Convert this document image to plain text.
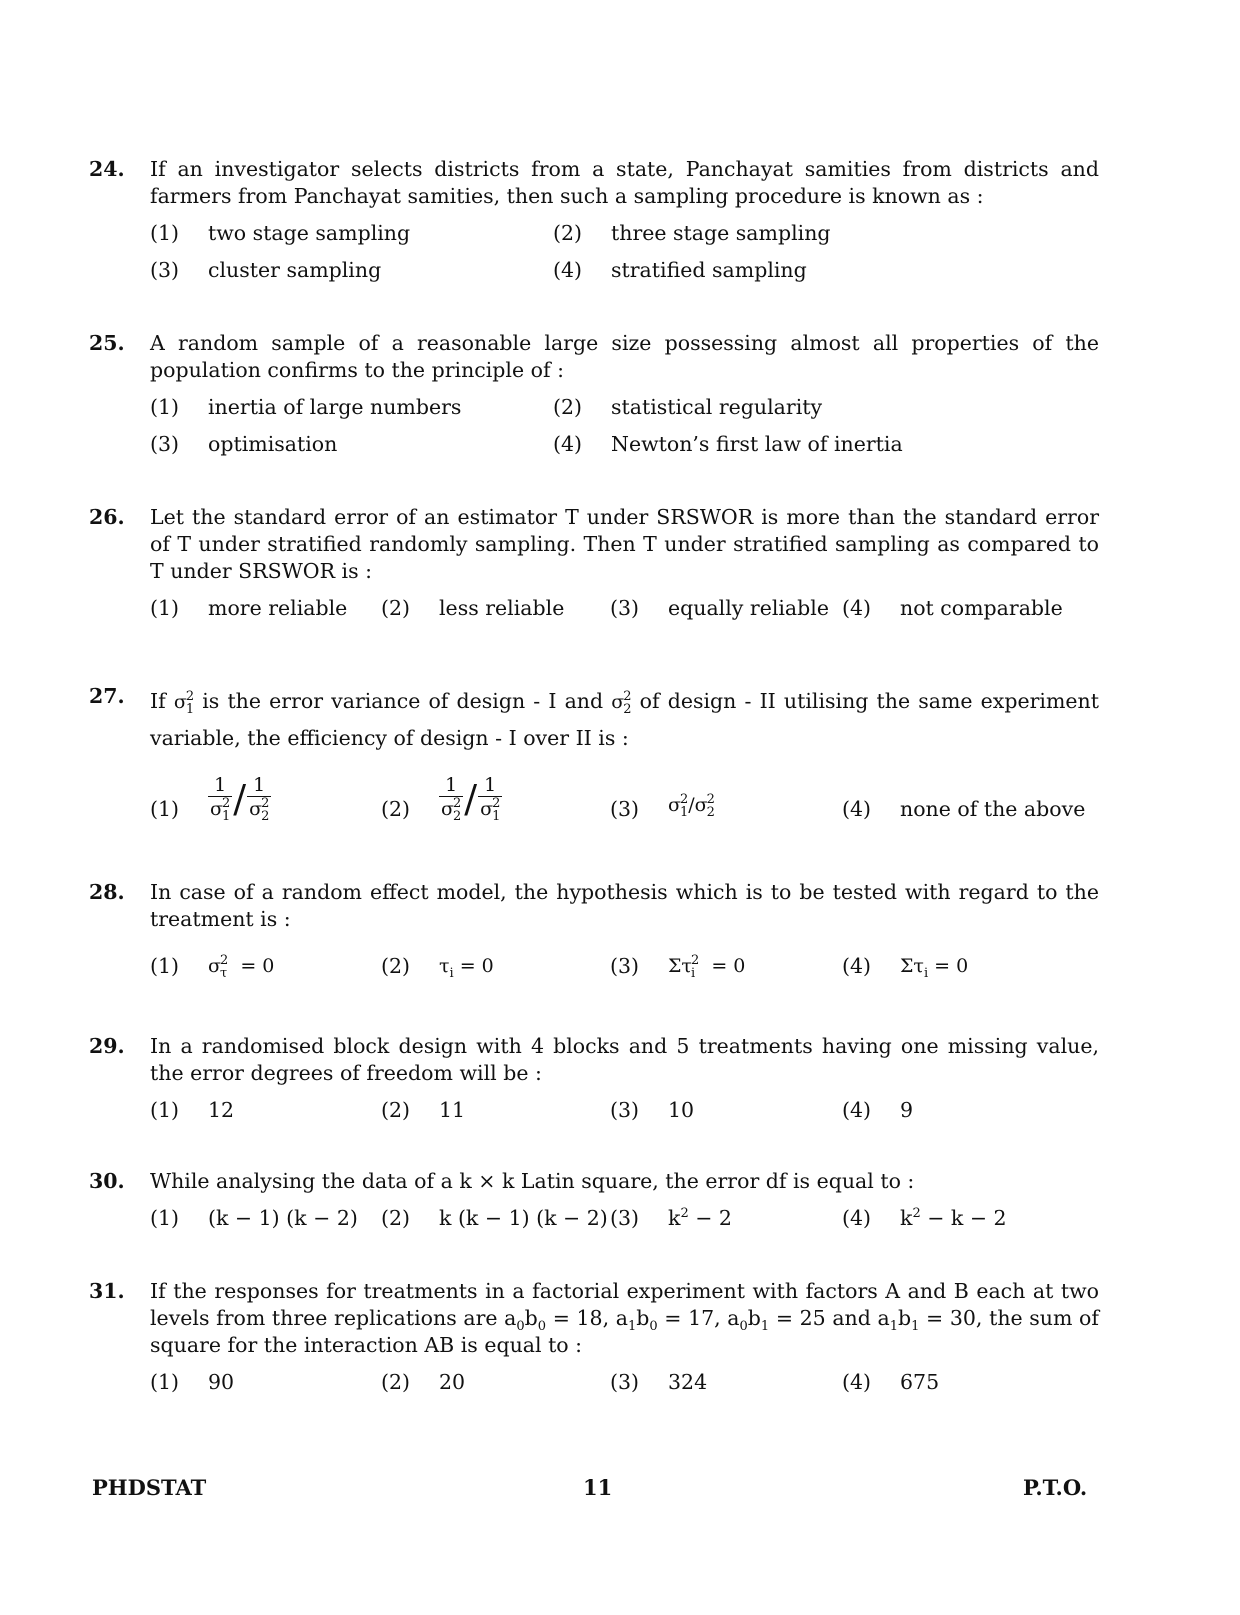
24. If an investigator selects districts from a state, Panchayat samities from districts and farmers from Panchayat samities, then such a sampling procedure is known as :
(1) two stage sampling	(2) three stage sampling
(3) cluster sampling	(4) stratified sampling
25. A random sample of a reasonable large size possessing almost all properties of the population confirms to the principle of :
(1) inertia of large numbers	(2) statistical regularity
(3) optimisation	(4) Newton’s first law of inertia
26. Let the standard error of an estimator T under SRSWOR is more than the standard error of T under stratified randomly sampling. Then T under stratified sampling as compared to T under SRSWOR is :
(1) more reliable (2) less reliable (3) equally reliable (4) not comparable
27. If σ 2
1 is the error variance of design - I and σ 2
2 of design - II utilising the same experiment variable, the efficiency of design - I over II is :
(1) 1
σ 2
1 / 1
σ 2
2	(2) 1
σ 2
2 / 1
σ 2
1	(3) σ 2
1 /σ 2
2	(4) none of the above
28. In case of a random effect model, the hypothesis which is to be tested with regard to the treatment is :
(1) σ 2
τ = 0	(2) $\tau_i = 0$	(3) Στ 2
i = 0	(4) $\Sigma\tau_i = 0$
29. In a randomised block design with 4 blocks and 5 treatments having one missing value, the error degrees of freedom will be :
(1) 12	(2) 11	(3) 10	(4) 9
30. While analysing the data of a k × k Latin square, the error df is equal to :
(1) (k − 1) (k − 2) (2) k (k − 1) (k − 2) (3) $k^2 - 2$	(4) $k^2 - k - 2$
31. If the responses for treatments in a factorial experiment with factors A and B each at two levels from three replications are $a_0b_0 = 18$, $a_1b_0 = 17$, $a_0b_1 = 25$ and $a_1b_1 = 30$, the sum of square for the interaction AB is equal to :
(1) 90	(2) 20	(3) 324	(4) 675
PHDSTAT	11	P.T.O.
